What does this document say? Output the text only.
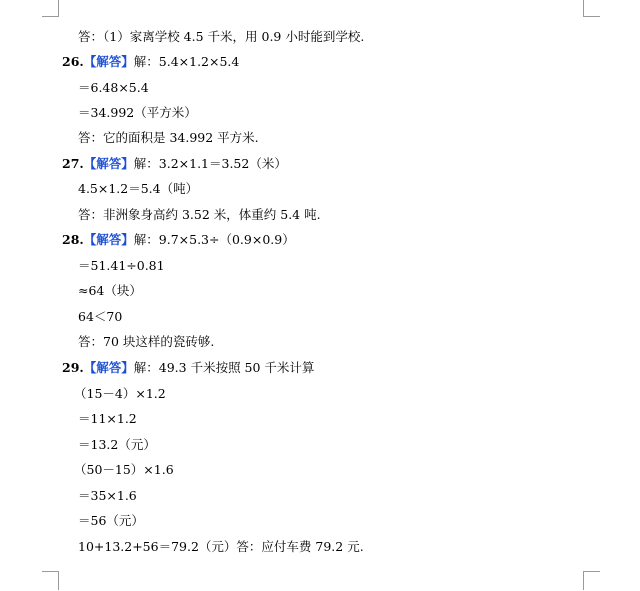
答：（1）家离学校 4.5 千米，用 0.9 小时能到学校.
26.【解答】解：5.4×1.2×5.4
＝6.48×5.4
＝34.992（平方米）
答：它的面积是 34.992 平方米.
27.【解答】解：3.2×1.1＝3.52（米）
4.5×1.2＝5.4（吨）
答：非洲象身高约 3.52 米，体重约 5.4 吨.
28.【解答】解：9.7×5.3÷（0.9×0.9）
＝51.41÷0.81
≈64（块）
64＜70
答：70 块这样的瓷砖够.
29.【解答】解：49.3 千米按照 50 千米计算
（15－4）×1.2
＝11×1.2
＝13.2（元）
（50－15）×1.6
＝35×1.6
＝56（元）
10+13.2+56＝79.2（元）答：应付车费 79.2 元.
